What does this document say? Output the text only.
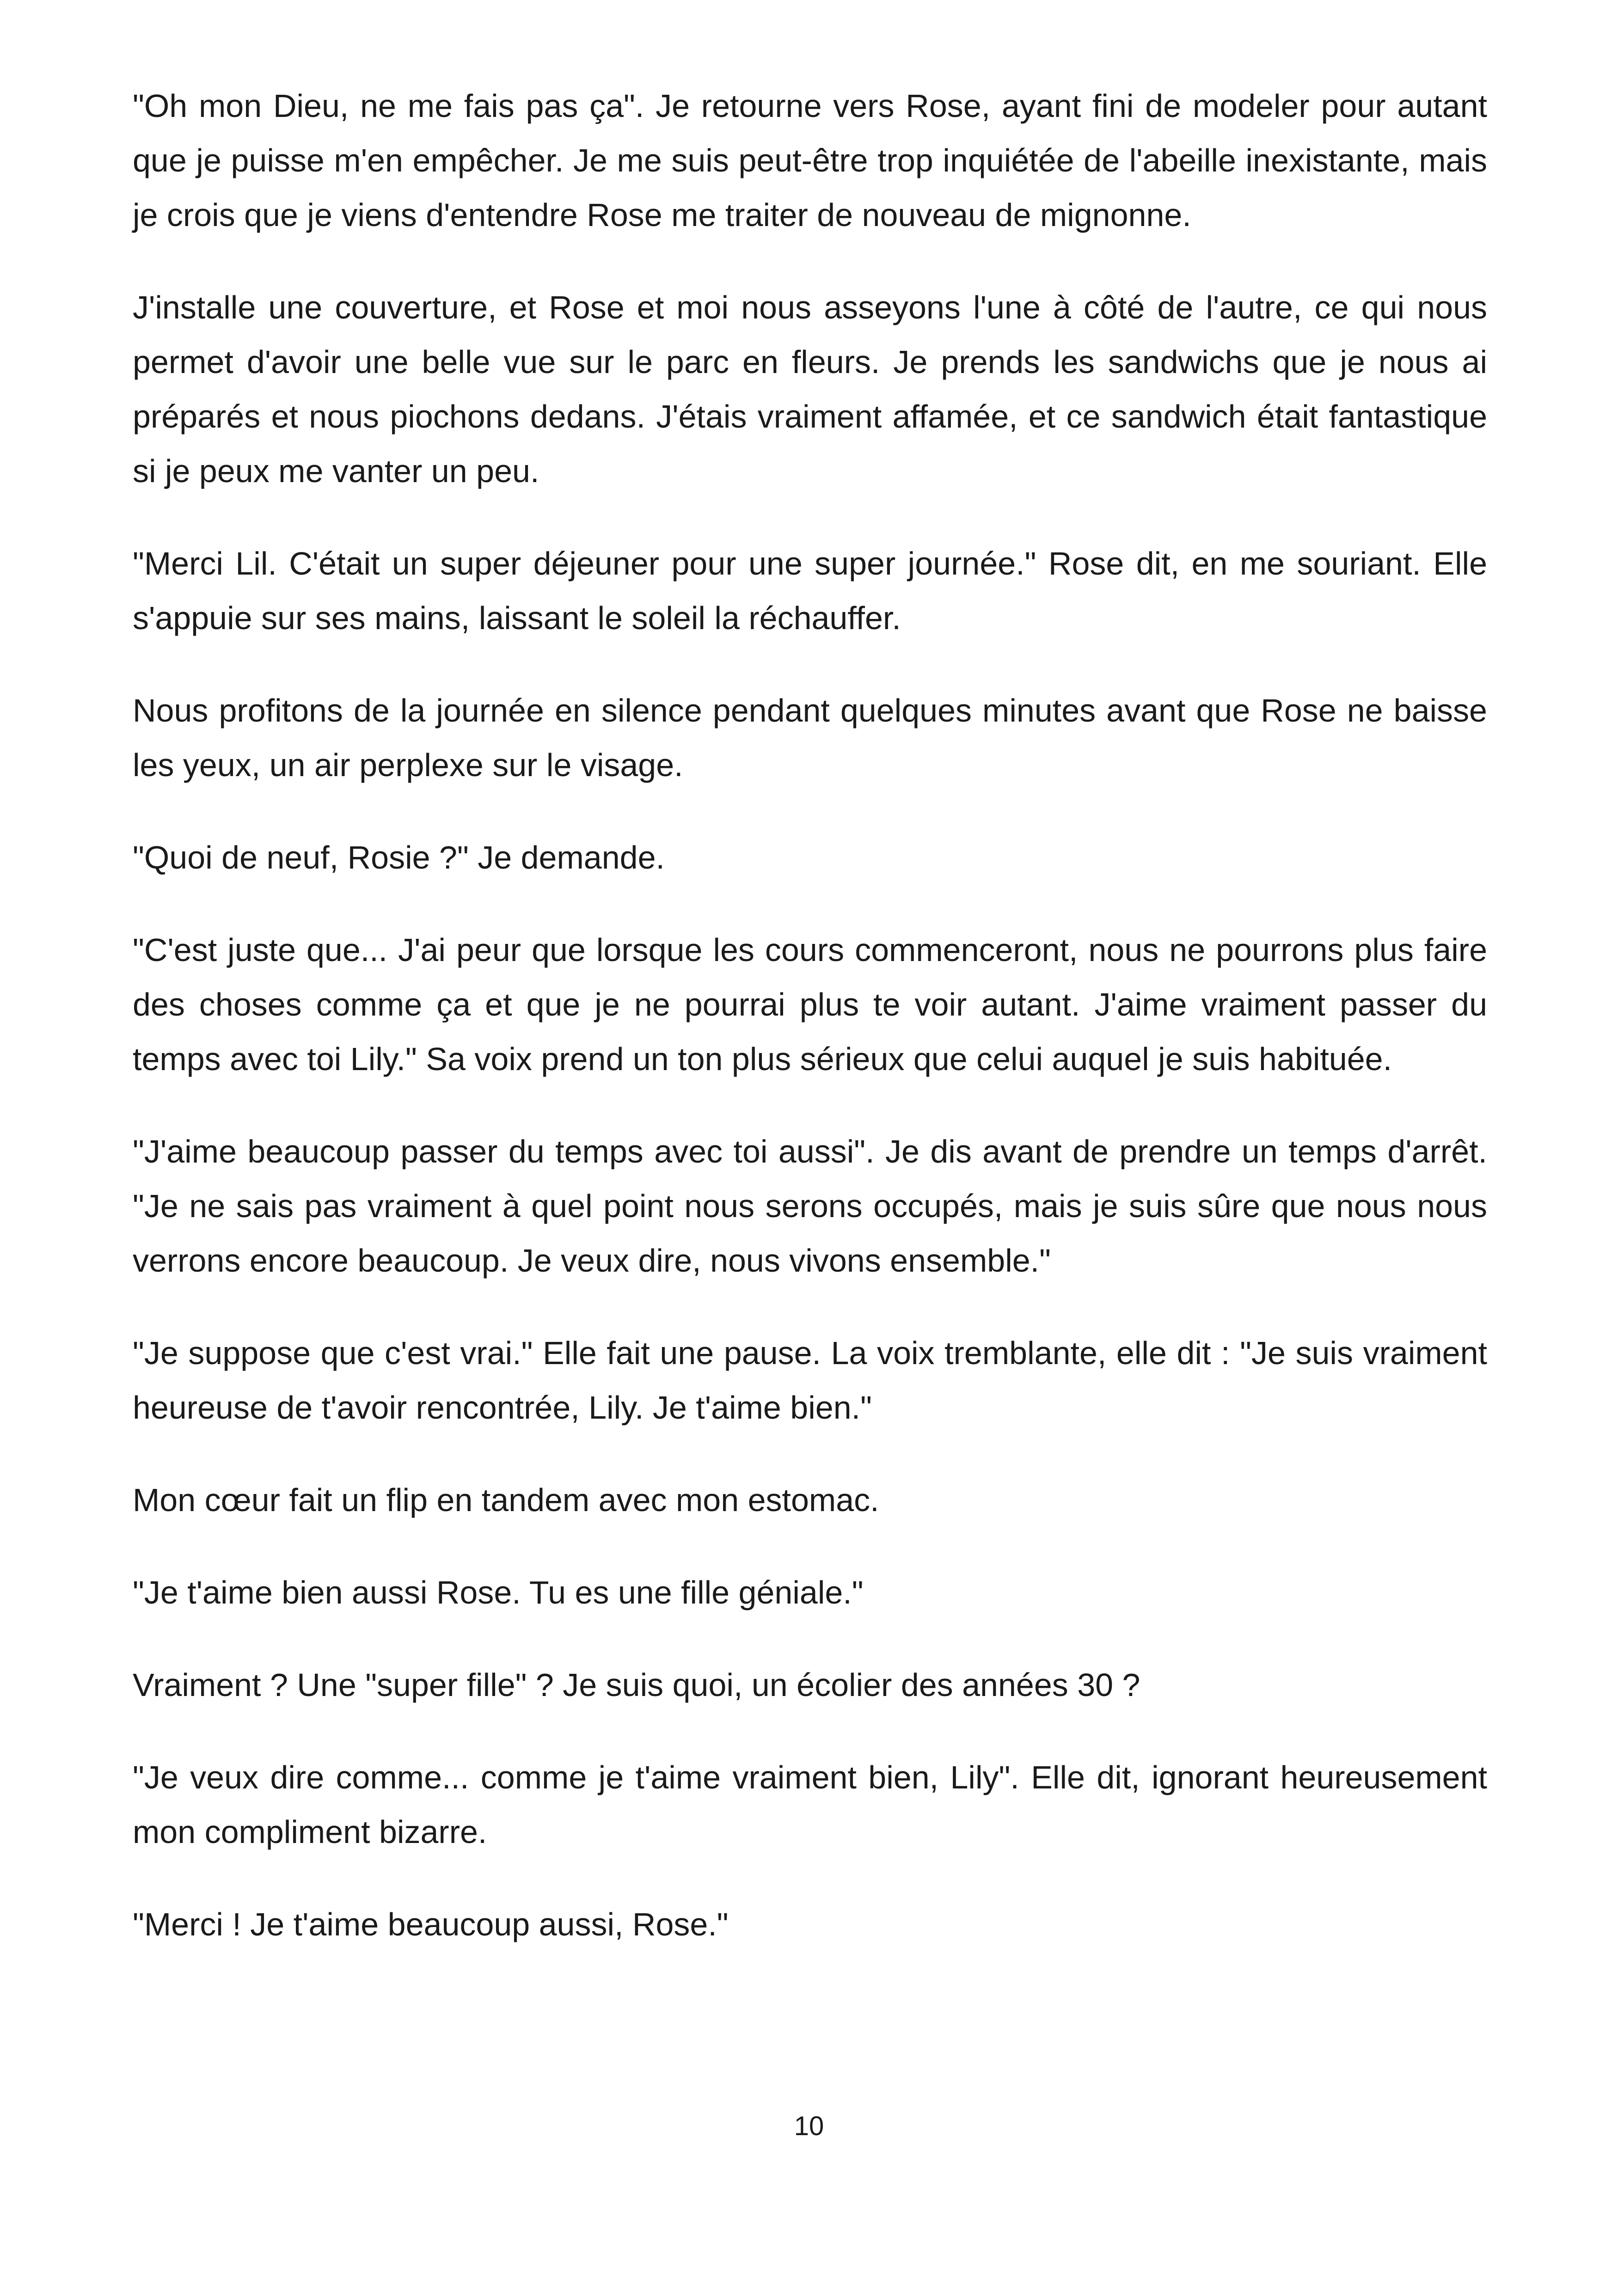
"Oh mon Dieu, ne me fais pas ça". Je retourne vers Rose, ayant fini de modeler pour autant que je puisse m'en empêcher. Je me suis peut-être trop inquiétée de l'abeille inexistante, mais je crois que je viens d'entendre Rose me traiter de nouveau de mignonne.

J'installe une couverture, et Rose et moi nous asseyons l'une à côté de l'autre, ce qui nous permet d'avoir une belle vue sur le parc en fleurs. Je prends les sandwichs que je nous ai préparés et nous piochons dedans. J'étais vraiment affamée, et ce sandwich était fantastique si je peux me vanter un peu.

"Merci Lil. C'était un super déjeuner pour une super journée." Rose dit, en me souriant. Elle s'appuie sur ses mains, laissant le soleil la réchauffer.

Nous profitons de la journée en silence pendant quelques minutes avant que Rose ne baisse les yeux, un air perplexe sur le visage.

"Quoi de neuf, Rosie ?" Je demande.

"C'est juste que... J'ai peur que lorsque les cours commenceront, nous ne pourrons plus faire des choses comme ça et que je ne pourrai plus te voir autant. J'aime vraiment passer du temps avec toi Lily." Sa voix prend un ton plus sérieux que celui auquel je suis habituée.

"J'aime beaucoup passer du temps avec toi aussi". Je dis avant de prendre un temps d'arrêt. "Je ne sais pas vraiment à quel point nous serons occupés, mais je suis sûre que nous nous verrons encore beaucoup. Je veux dire, nous vivons ensemble."

"Je suppose que c'est vrai." Elle fait une pause. La voix tremblante, elle dit : "Je suis vraiment heureuse de t'avoir rencontrée, Lily. Je t'aime bien."

Mon cœur fait un flip en tandem avec mon estomac.

"Je t'aime bien aussi Rose. Tu es une fille géniale."

Vraiment ? Une "super fille" ? Je suis quoi, un écolier des années 30 ?

"Je veux dire comme... comme je t'aime vraiment bien, Lily". Elle dit, ignorant heureusement mon compliment bizarre.

"Merci ! Je t'aime beaucoup aussi, Rose."

10
